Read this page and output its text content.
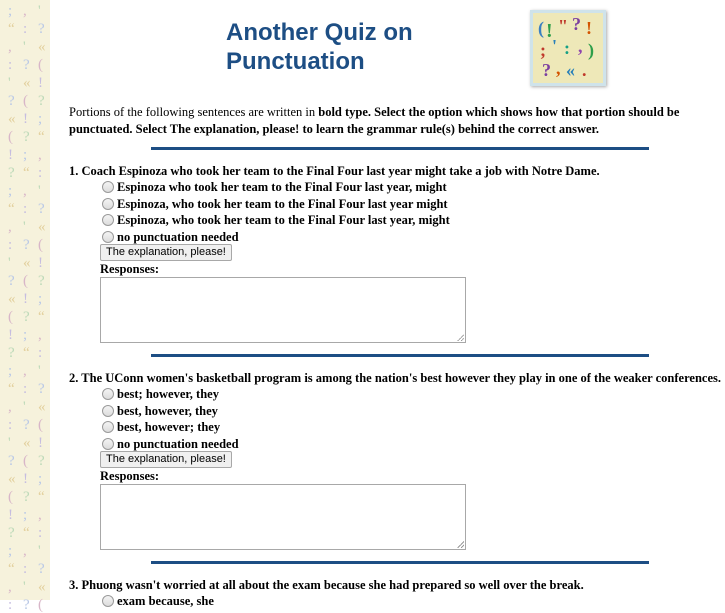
; , '
“ : ?
, ' «
: ? (
' « !
? ( ?
« ! ;
( ? “
! ; ,
? “ :
; , '
“ : ?
, ' «
: ? (
' « !
? ( ?
« ! ;
( ? “
! ; ,
? “ :
; , '
“ : ?
, ' «
: ? (
' « !
? ( ?
« ! ;
( ? “
! ; ,
? “ :
; , '
“ : ?
, ' «
: ? (
Another Quiz on
Punctuation
( ! " ? !
; ' : , )
? , « .
Portions of the following sentences are written in bold type. Select the option which shows how that portion should be punctuated. Select The explanation, please! to learn the grammar rule(s) behind the correct answer.
1. Coach Espinoza who took her team to the Final Four last year might take a job with Notre Dame.
Espinoza who took her team to the Final Four last year, might
Espinoza, who took her team to the Final Four last year might
Espinoza, who took her team to the Final Four last year, might
no punctuation needed
The explanation, please!
Responses:
2. The UConn women's basketball program is among the nation's best however they play in one of the weaker conferences.
best; however, they
best, however, they
best, however; they
no punctuation needed
The explanation, please!
Responses:
3. Phuong wasn't worried at all about the exam because she had prepared so well over the break.
exam because, she
